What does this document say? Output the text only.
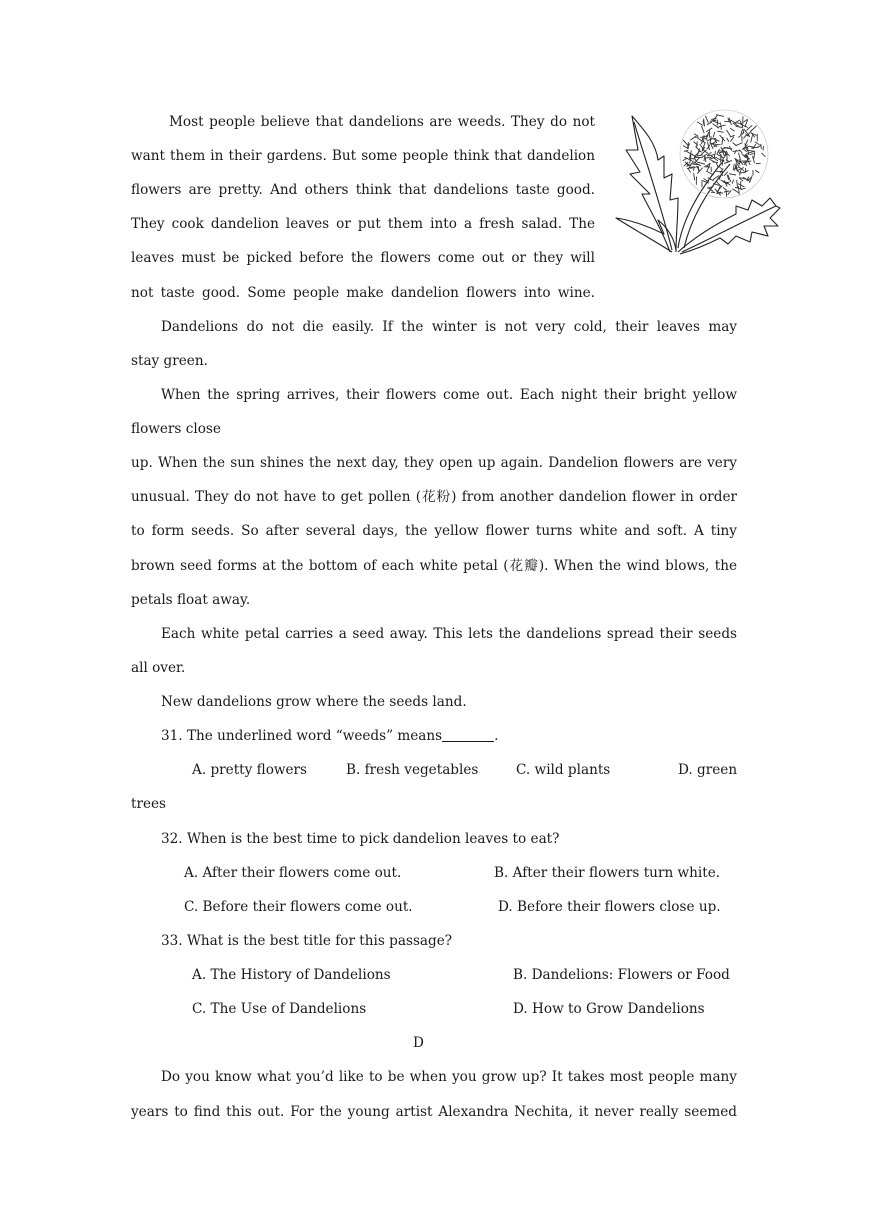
Most people believe that dandelions are weeds. They do not
want them in their gardens. But some people think that dandelion
flowers are pretty. And others think that dandelions taste good.
They cook dandelion leaves or put them into a fresh salad. The
leaves must be picked before the flowers come out or they will
not taste good. Some people make dandelion flowers into wine.
Dandelions do not die easily. If the winter is not very cold, their leaves may
stay green.
When the spring arrives, their flowers come out. Each night their bright yellow
flowers close
up. When the sun shines the next day, they open up again. Dandelion flowers are very
unusual. They do not have to get pollen (花粉) from another dandelion flower in order
to form seeds. So after several days, the yellow flower turns white and soft. A tiny
brown seed forms at the bottom of each white petal (花瓣). When the wind blows, the
petals float away.
Each white petal carries a seed away. This lets the dandelions spread their seeds
all over.
New dandelions grow where the seeds land.
31. The underlined word “weeds” means	.
A. pretty flowers	B. fresh vegetables	C. wild plants	D. green
trees
32. When is the best time to pick dandelion leaves to eat?
A. After their flowers come out.	B. After their flowers turn white.
C. Before their flowers come out.	D. Before their flowers close up.
33. What is the best title for this passage?
A. The History of Dandelions	B. Dandelions: Flowers or Food
C. The Use of Dandelions	D. How to Grow Dandelions
D
Do you know what you’d like to be when you grow up? It takes most people many
years to find this out. For the young artist Alexandra Nechita, it never really seemed
